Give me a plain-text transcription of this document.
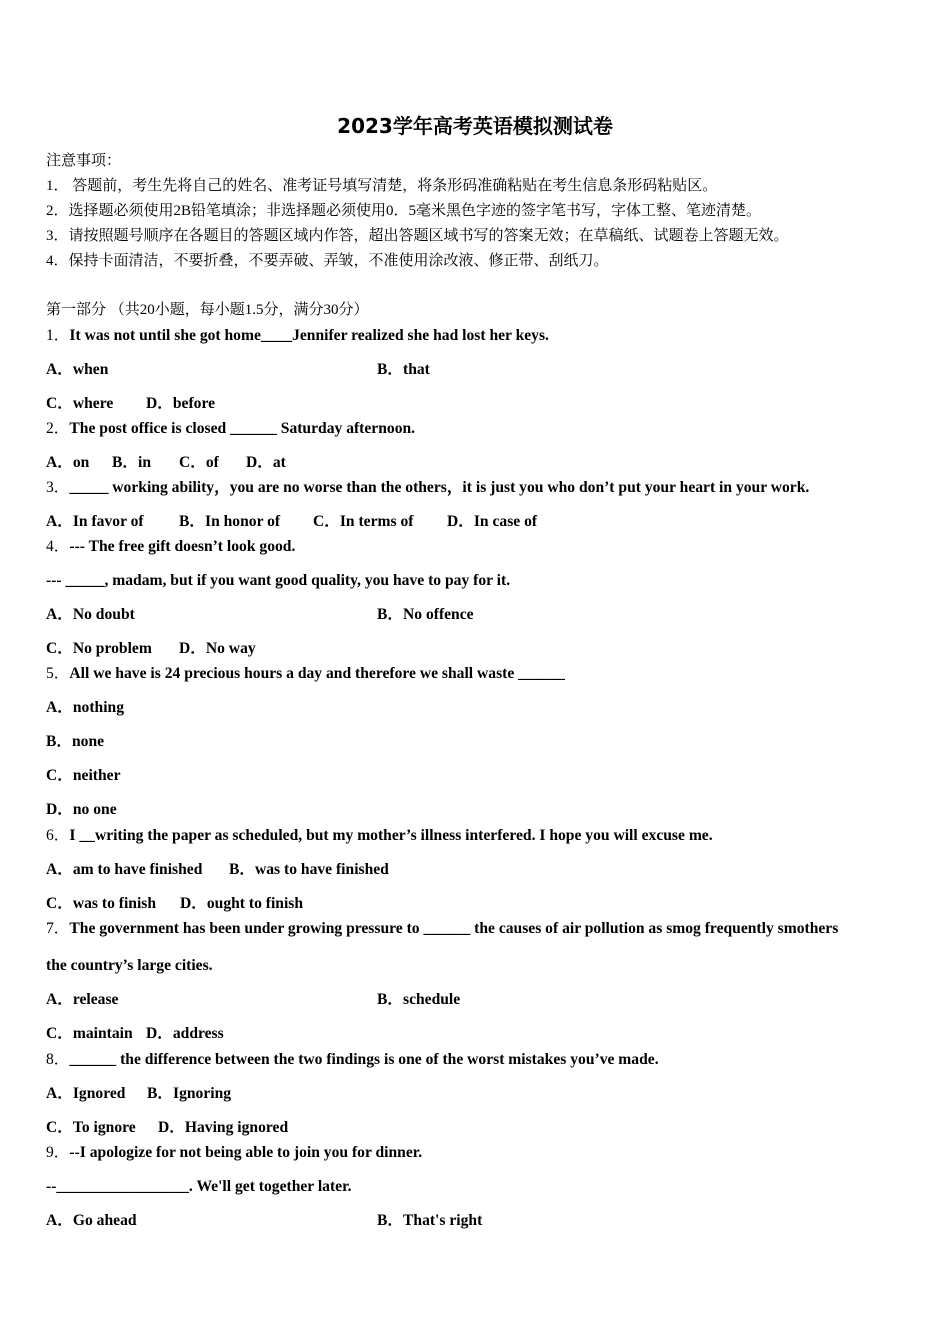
2023学年高考英语模拟测试卷
注意事项：
1． 答题前，考生先将自己的姓名、准考证号填写清楚，将条形码准确粘贴在考生信息条形码粘贴区。
2．选择题必须使用2B铅笔填涂；非选择题必须使用0．5毫米黑色字迹的签字笔书写，字体工整、笔迹清楚。
3．请按照题号顺序在各题目的答题区域内作答，超出答题区域书写的答案无效；在草稿纸、试题卷上答题无效。
4．保持卡面清洁，不要折叠，不要弄破、弄皱，不准使用涂改液、修正带、刮纸刀。
第一部分 （共20小题，每小题1.5分，满分30分）
1．It was not until she got home____Jennifer realized she had lost her keys.
A．when	B．that
C．where D．before
2．The post office is closed ______ Saturday afternoon.
A．on B．in C．of D．at
3．_____ working ability，you are no worse than the others，it is just you who don’t put your heart in your work.
A．In favor of B．In honor of C．In terms of D．In case of
4．--- The free gift doesn’t look good.
--- _____, madam, but if you want good quality, you have to pay for it.
A．No doubt	B．No offence
C．No problem D．No way
5．All we have is 24 precious hours a day and therefore we shall waste ______
A．nothing
B．none
C．neither
D．no one
6．I __writing the paper as scheduled, but my mother’s illness interfered. I hope you will excuse me.
A．am to have finished B．was to have finished
C．was to finish D．ought to finish
7．The government has been under growing pressure to ______ the causes of air pollution as smog frequently smothers
the country’s large cities.
A．release	B．schedule
C．maintain D．address
8．______ the difference between the two findings is one of the worst mistakes you’ve made.
A．Ignored B．Ignoring
C．To ignore D．Having ignored
9．--I apologize for not being able to join you for dinner.
--_________________. We'll get together later.
A．Go ahead	B．That's right
